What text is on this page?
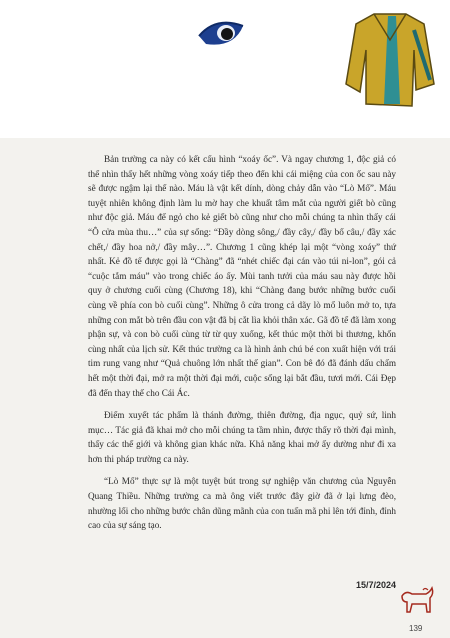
Bản trường ca này có kết cấu hình “xoáy ốc”. Và ngay chương 1, độc giả có thể nhìn thấy hết những vòng xoáy tiếp theo đến khi cái miệng của con ốc sau này sẽ được ngậm lại thế nào. Máu là vật kết dính, dòng chảy dẫn vào “Lò Mổ”. Máu tuyệt nhiên không định làm lu mờ hay che khuất tâm mắt của người giết bò cũng như độc giả. Máu để ngỏ cho kẻ giết bò cũng như cho mỗi chúng ta nhìn thấy cái “Ô cửa mùa thu…” của sự sống: “Đầy dòng sông,/ đầy cây,/ đầy bố câu,/ đầy xác chết,/ đầy hoa nở,/ đầy mây…”. Chương 1 cũng khép lại một “vòng xoáy” thứ nhất. Kẻ đồ tể được gọi là “Chàng” đã “nhét chiếc đại cán vào túi ni-lon”, gói cả “cuộc tắm máu” vào trong chiếc áo ấy. Mùi tanh tưởi của máu sau này được hồi quy ở chương cuối cùng (Chương 18), khi “Chàng đang bước những bước cuối cùng về phía con bò cuối cùng”. Những ô cửa trong cả dãy lò mổ luôn mở to, tựa những con mắt bò trên đầu con vật đã bị cắt lìa khỏi thân xác. Gã đồ tể đã làm xong phận sự, và con bò cuối cùng từ từ quy xuống, kết thúc một thời bi thương, khốn cùng nhất của lịch sử. Kết thúc trường ca là hình ảnh chú bé con xuất hiện với trái tim rung vang như “Quả chuông lớn nhất thế gian”. Con bê đó đã đánh dấu chấm hết một thời đại, mở ra một thời đại mới, cuộc sống lại bắt đầu, tươi mới. Cái Đẹp đã đến thay thế cho Cái Ác.

Điểm xuyết tác phẩm là thánh đường, thiên đường, địa ngục, quỷ sứ, linh mục… Tác giả đã khai mở cho mỗi chúng ta tầm nhìn, được thấy rõ thời đại mình, thấy các thế giới và không gian khác nữa. Khả năng khai mở ấy dường như đi xa hơn thi pháp trường ca này.

“Lò Mổ” thực sự là một tuyệt bút trong sự nghiệp văn chương của Nguyễn Quang Thiều. Những trường ca mà ông viết trước đây giờ đã ở lại lưng đèo, nhường lối cho những bước chân dũng mãnh của con tuấn mã phi lên tới đỉnh, đỉnh cao của sự sáng tạo.

15/7/2024
139
